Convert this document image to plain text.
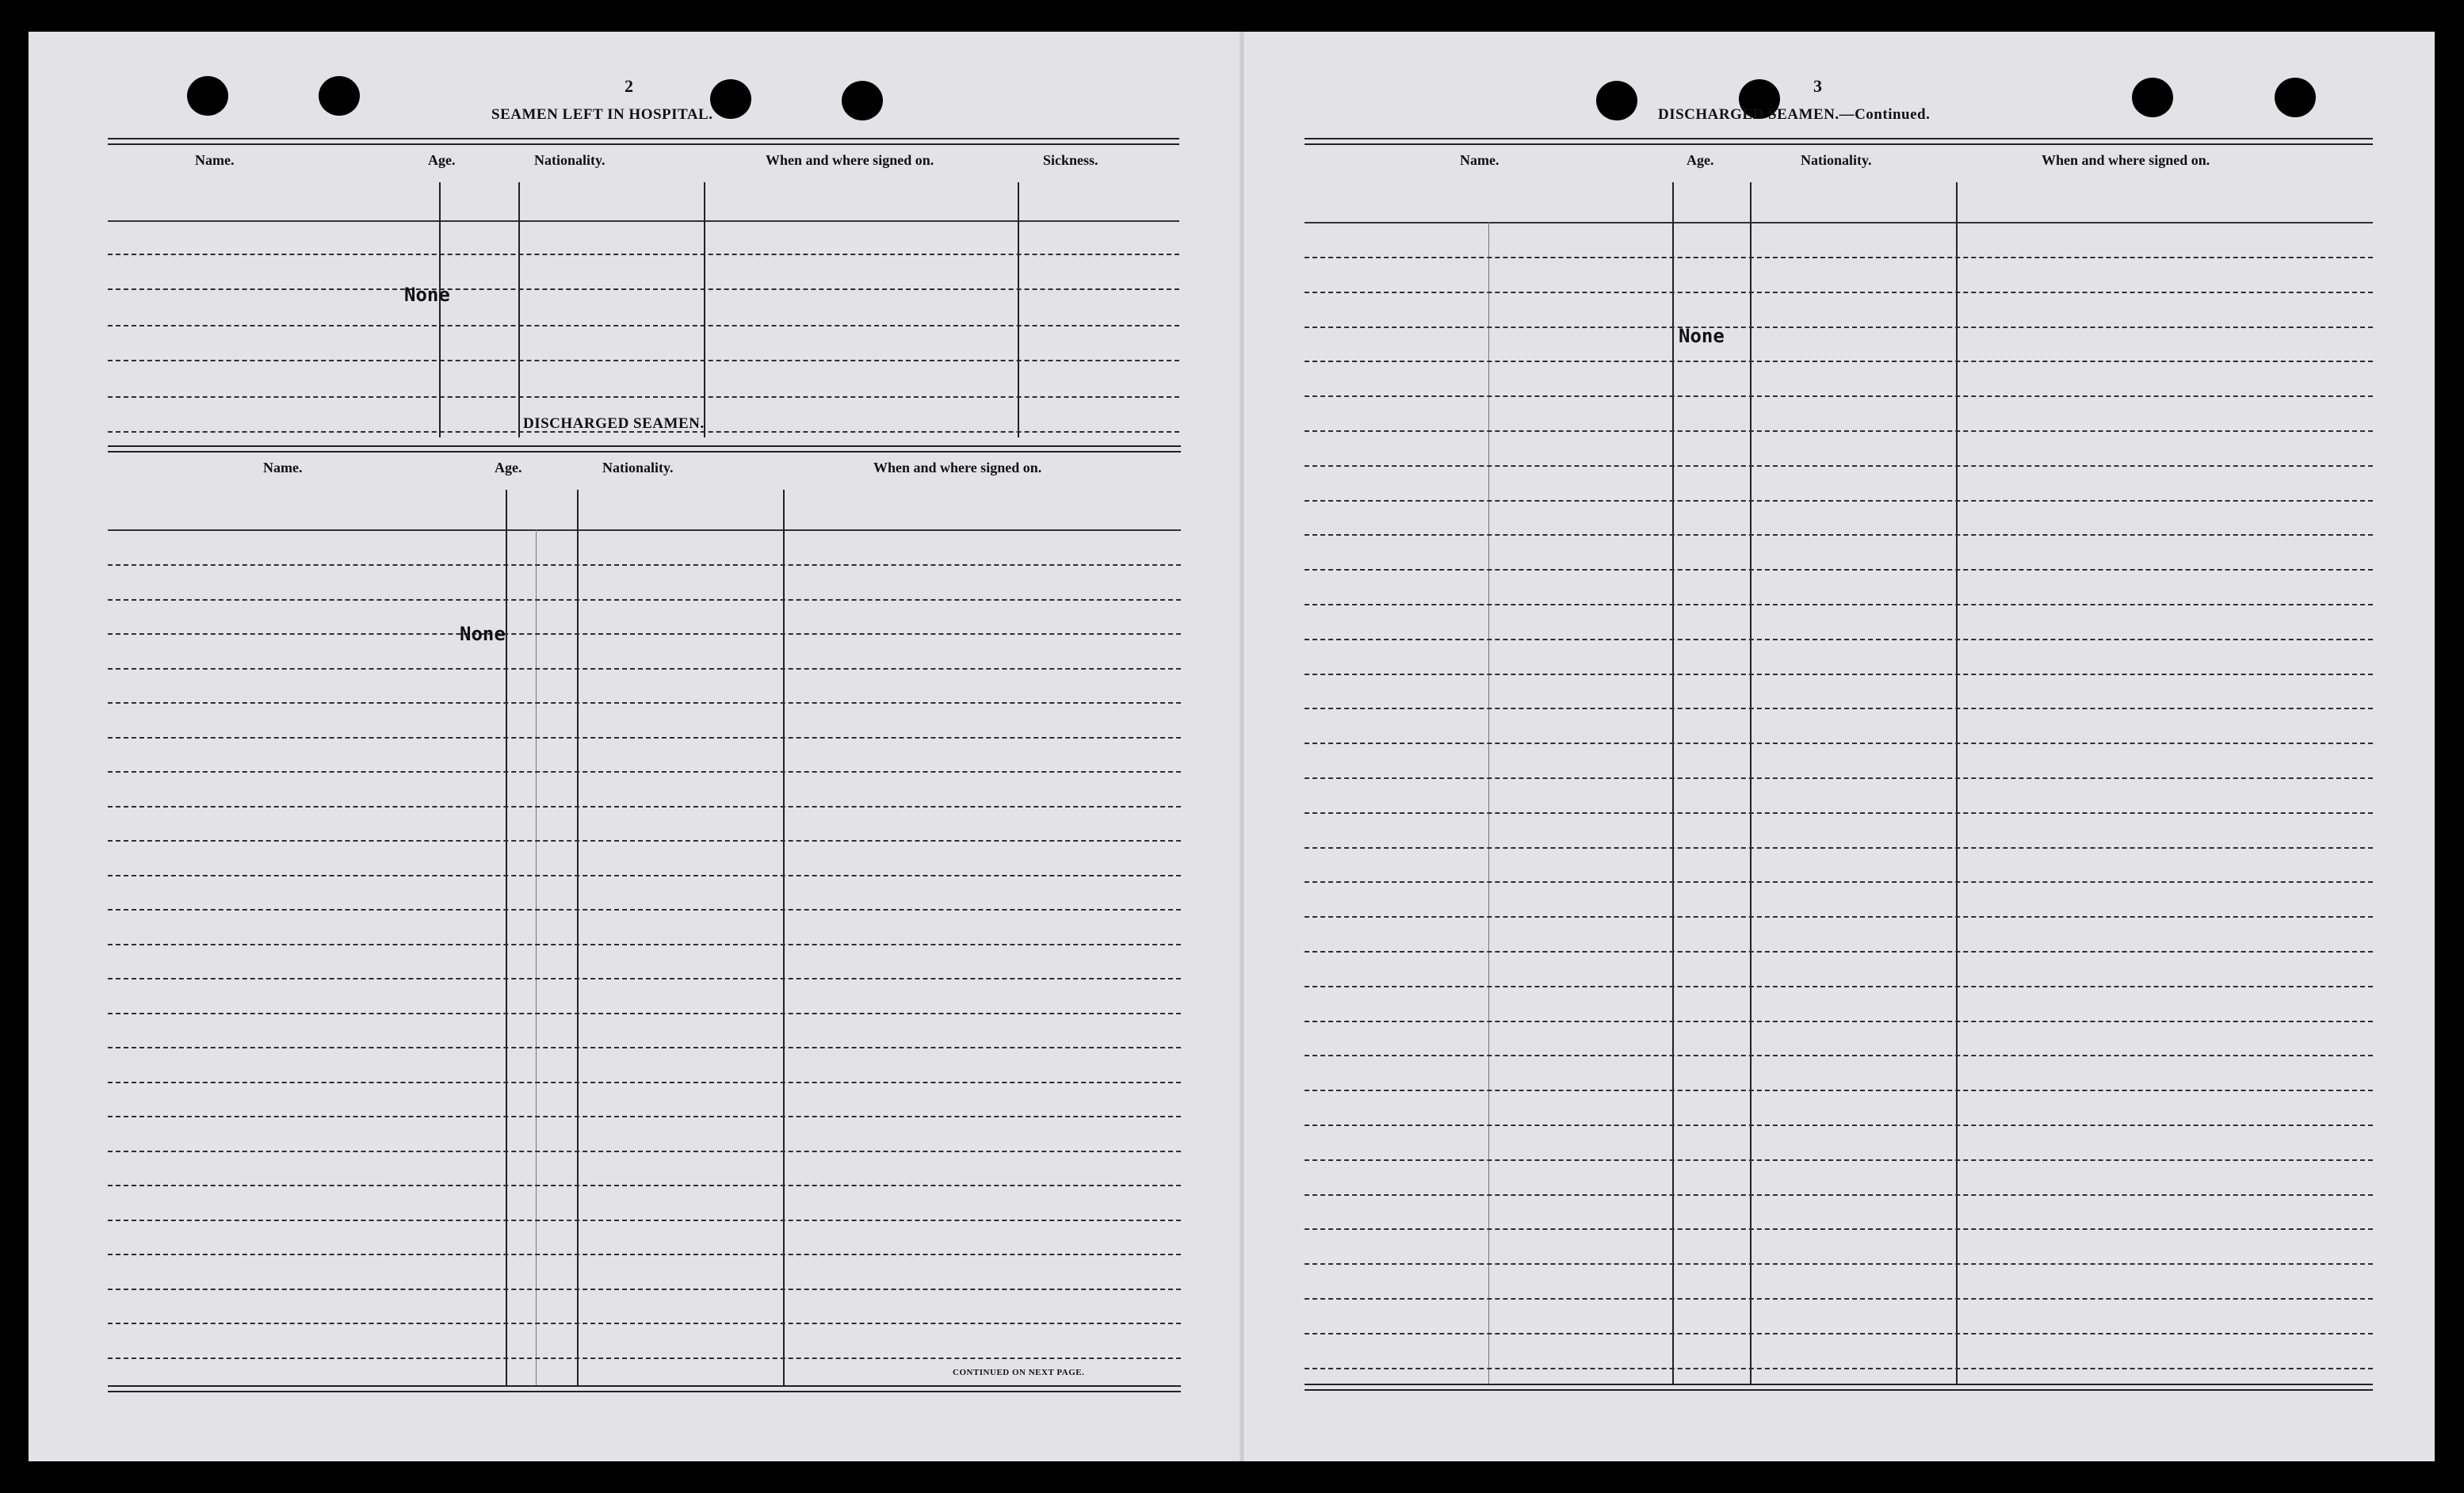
2
SEAMEN LEFT IN HOSPITAL.
Name.	Age.	Nationality.	When and where signed on.	Sickness.
None
DISCHARGED SEAMEN.
Name.	Age.	Nationality.	When and where signed on.
None
CONTINUED ON NEXT PAGE.
3
DISCHARGED SEAMEN.—Continued.
Name.	Age.	Nationality.	When and where signed on.
None
